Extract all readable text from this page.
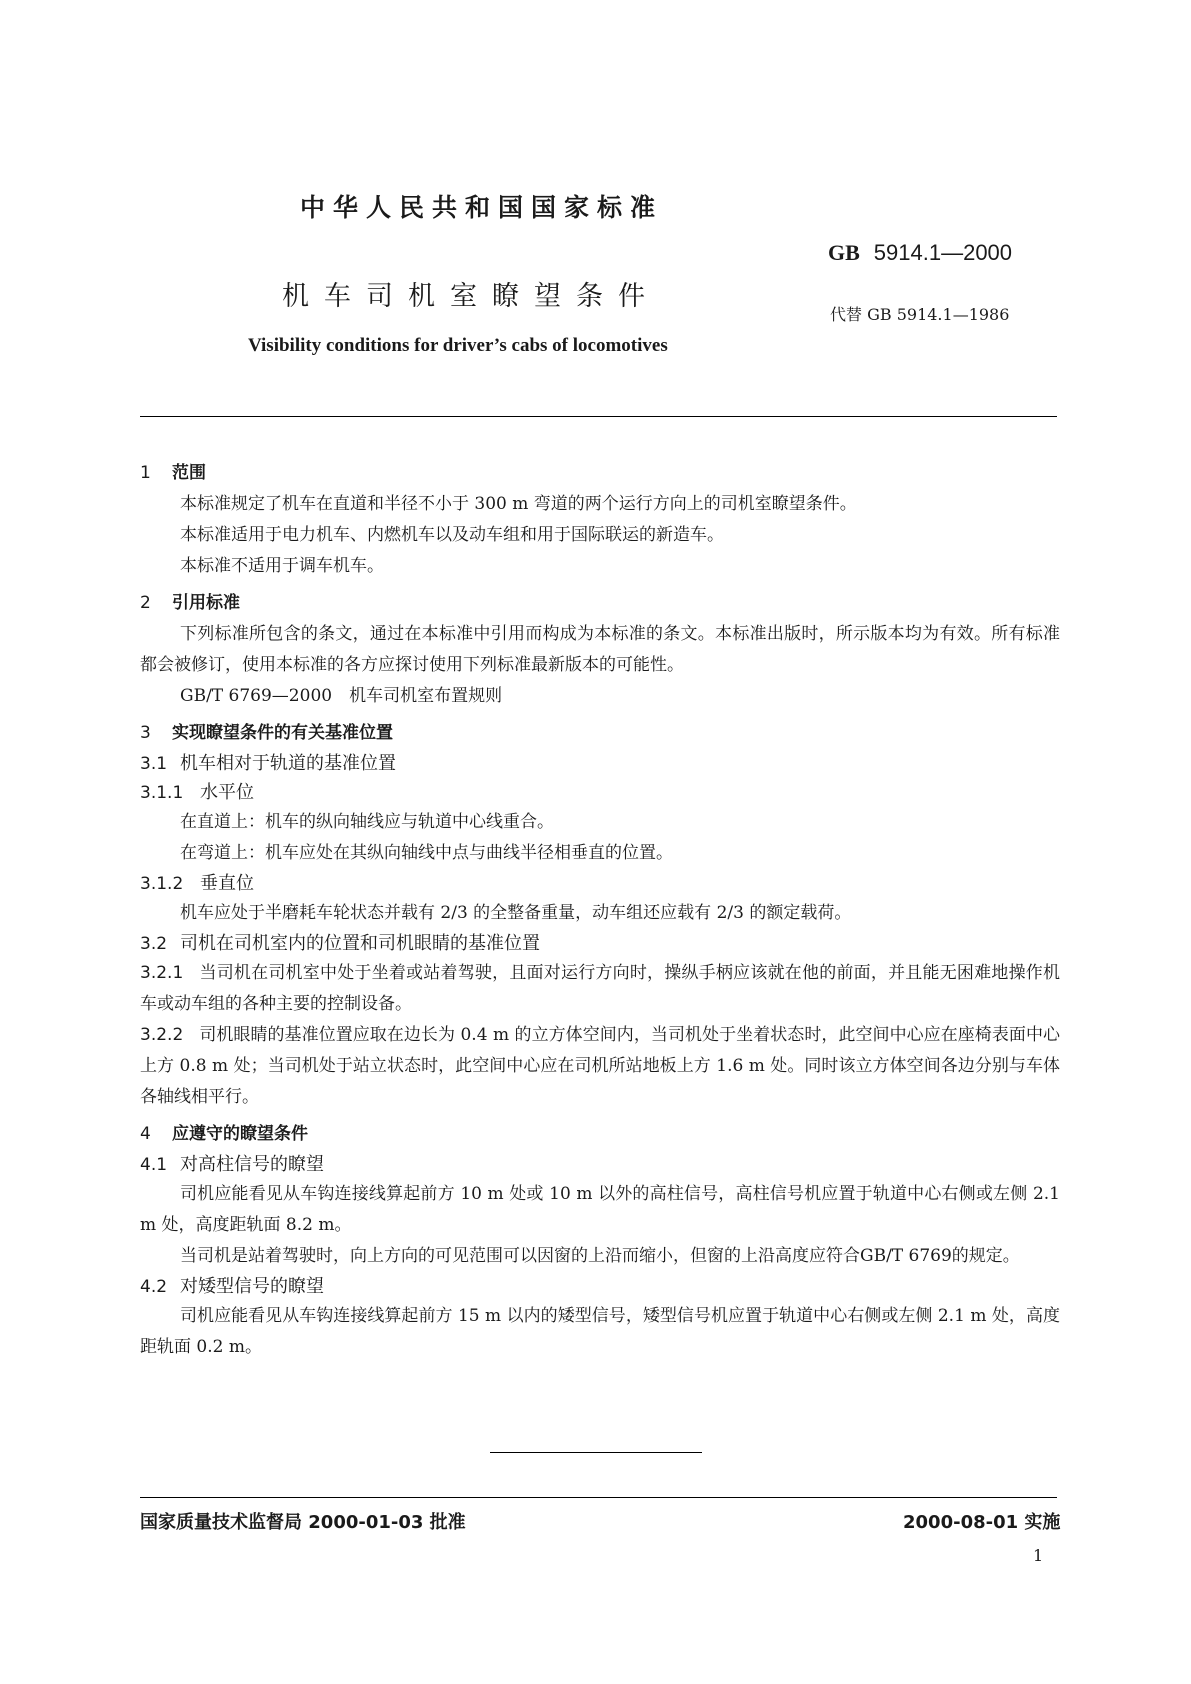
中华人民共和国国家标准
GB 5914.1—2000
机车司机室瞭望条件
代替 GB 5914.1—1986
Visibility conditions for driver’s cabs of locomotives
1 范围
本标准规定了机车在直道和半径不小于 300 m 弯道的两个运行方向上的司机室瞭望条件。
本标准适用于电力机车、内燃机车以及动车组和用于国际联运的新造车。
本标准不适用于调车机车。
2 引用标准
下列标准所包含的条文，通过在本标准中引用而构成为本标准的条文。本标准出版时，所示版本均为有效。所有标准都会被修订，使用本标准的各方应探讨使用下列标准最新版本的可能性。
GB/T 6769—2000　机车司机室布置规则
3 实现瞭望条件的有关基准位置
3.1 机车相对于轨道的基准位置
3.1.1 水平位
在直道上：机车的纵向轴线应与轨道中心线重合。
在弯道上：机车应处在其纵向轴线中点与曲线半径相垂直的位置。
3.1.2 垂直位
机车应处于半磨耗车轮状态并载有 2/3 的全整备重量，动车组还应载有 2/3 的额定载荷。
3.2 司机在司机室内的位置和司机眼睛的基准位置
3.2.1 当司机在司机室中处于坐着或站着驾驶，且面对运行方向时，操纵手柄应该就在他的前面，并且能无困难地操作机车或动车组的各种主要的控制设备。
3.2.2 司机眼睛的基准位置应取在边长为 0.4 m 的立方体空间内，当司机处于坐着状态时，此空间中心应在座椅表面中心上方 0.8 m 处；当司机处于站立状态时，此空间中心应在司机所站地板上方 1.6 m 处。同时该立方体空间各边分别与车体各轴线相平行。
4 应遵守的瞭望条件
4.1 对高柱信号的瞭望
司机应能看见从车钩连接线算起前方 10 m 处或 10 m 以外的高柱信号，高柱信号机应置于轨道中心右侧或左侧 2.1 m 处，高度距轨面 8.2 m。
当司机是站着驾驶时，向上方向的可见范围可以因窗的上沿而缩小，但窗的上沿高度应符合GB/T 6769的规定。
4.2 对矮型信号的瞭望
司机应能看见从车钩连接线算起前方 15 m 以内的矮型信号，矮型信号机应置于轨道中心右侧或左侧 2.1 m 处，高度距轨面 0.2 m。
国家质量技术监督局 2000-01-03 批准	2000-08-01 实施
1
